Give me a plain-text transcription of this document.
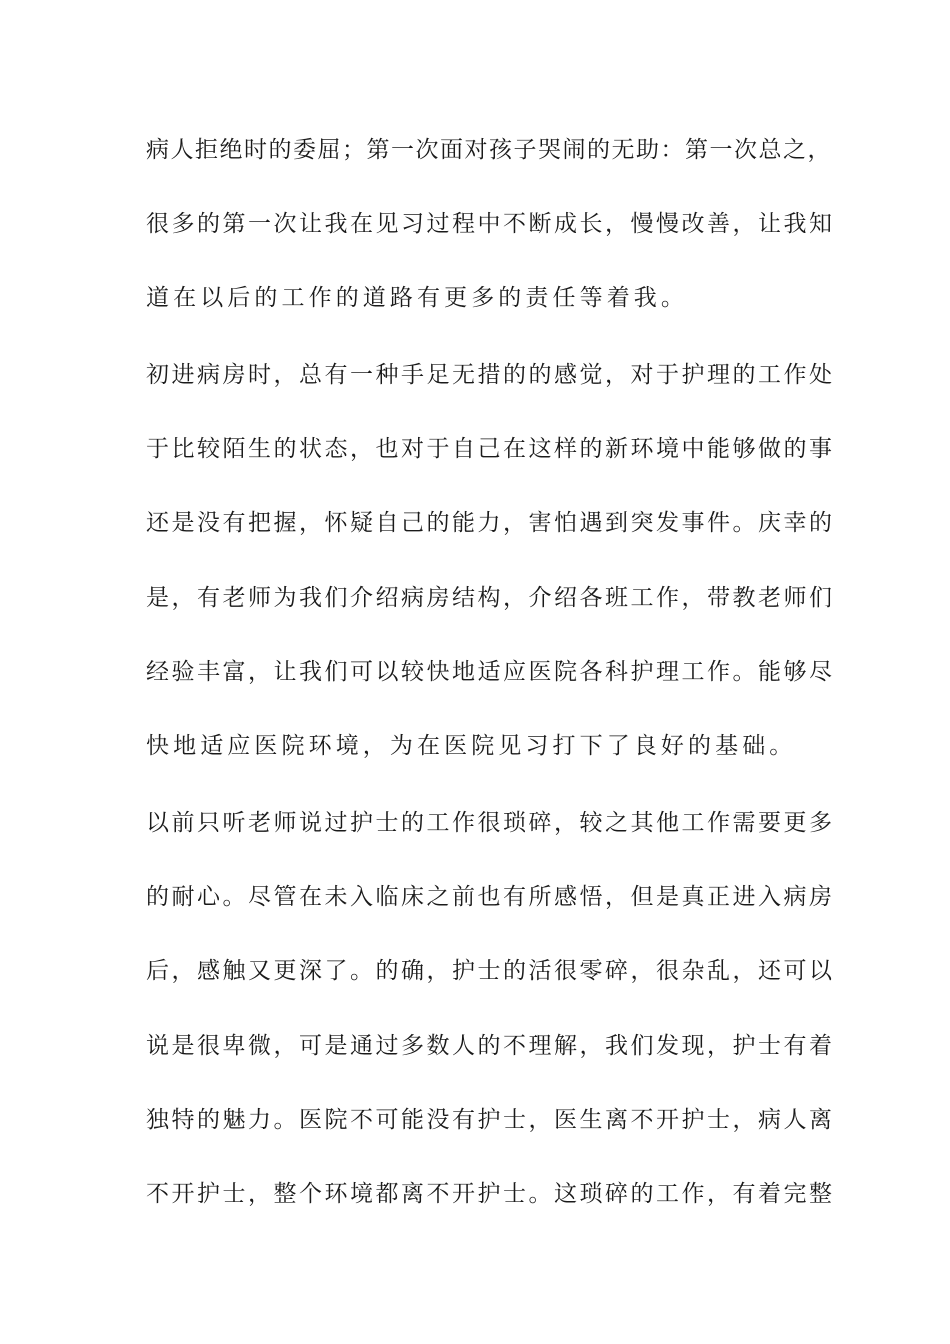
病人拒绝时的委屈；第一次面对孩子哭闹的无助：第一次总之，
很多的第一次让我在见习过程中不断成长，慢慢改善，让我知
道在以后的工作的道路有更多的责任等着我。
初进病房时，总有一种手足无措的的感觉，对于护理的工作处
于比较陌生的状态，也对于自己在这样的新环境中能够做的事
还是没有把握，怀疑自己的能力，害怕遇到突发事件。庆幸的
是，有老师为我们介绍病房结构，介绍各班工作，带教老师们
经验丰富，让我们可以较快地适应医院各科护理工作。能够尽
快地适应医院环境，为在医院见习打下了良好的基础。
以前只听老师说过护士的工作很琐碎，较之其他工作需要更多
的耐心。尽管在未入临床之前也有所感悟，但是真正进入病房
后，感触又更深了。的确，护士的活很零碎，很杂乱，还可以
说是很卑微，可是通过多数人的不理解，我们发现，护士有着
独特的魅力。医院不可能没有护士，医生离不开护士，病人离
不开护士，整个环境都离不开护士。这琐碎的工作，有着完整
